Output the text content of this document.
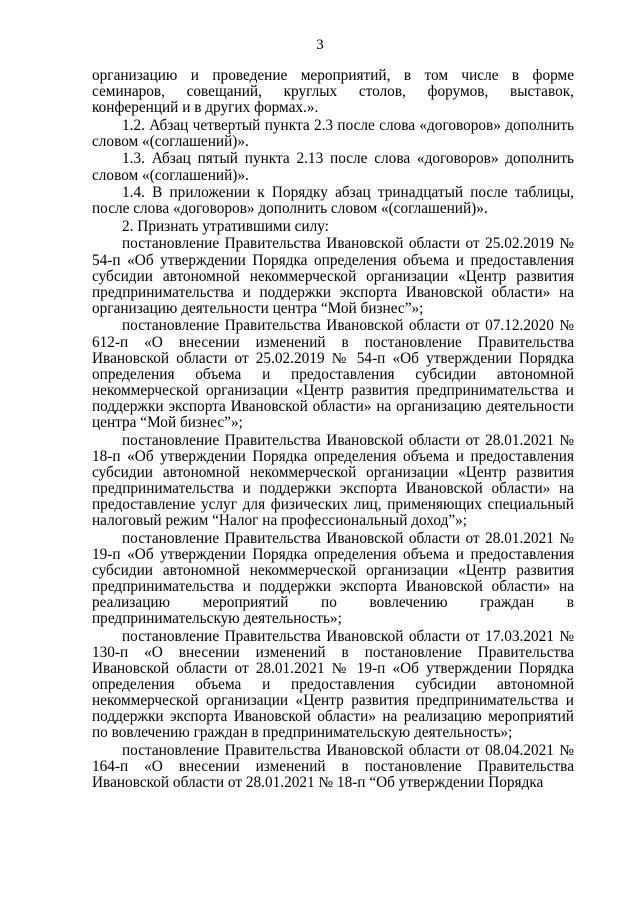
3

организацию и проведение мероприятий, в том числе в форме семинаров, совещаний, круглых столов, форумов, выставок, конференций и в других формах.».

1.2. Абзац четвертый пункта 2.3 после слова «договоров» дополнить словом «(соглашений)».

1.3. Абзац пятый пункта 2.13 после слова «договоров» дополнить словом «(соглашений)».

1.4. В приложении к Порядку абзац тринадцатый после таблицы, после слова «договоров» дополнить словом «(соглашений)».

2. Признать утратившими силу:

постановление Правительства Ивановской области от 25.02.2019 № 54-п «Об утверждении Порядка определения объема и предоставления субсидии автономной некоммерческой организации «Центр развития предпринимательства и поддержки экспорта Ивановской области» на организацию деятельности центра “Мой бизнес”»;

постановление Правительства Ивановской области от 07.12.2020 № 612-п «О внесении изменений в постановление Правительства Ивановской области от 25.02.2019 № 54-п «Об утверждении Порядка определения объема и предоставления субсидии автономной некоммерческой организации «Центр развития предпринимательства и поддержки экспорта Ивановской области» на организацию деятельности центра “Мой бизнес”»;

постановление Правительства Ивановской области от 28.01.2021 № 18-п «Об утверждении Порядка определения объема и предоставления субсидии автономной некоммерческой организации «Центр развития предпринимательства и поддержки экспорта Ивановской области» на предоставление услуг для физических лиц, применяющих специальный налоговый режим “Налог на профессиональный доход”»;

постановление Правительства Ивановской области от 28.01.2021 № 19-п «Об утверждении Порядка определения объема и предоставления субсидии автономной некоммерческой организации «Центр развития предпринимательства и поддержки экспорта Ивановской области» на реализацию мероприятий по вовлечению граждан в предпринимательскую деятельность»;

постановление Правительства Ивановской области от 17.03.2021 № 130-п «О внесении изменений в постановление Правительства Ивановской области от 28.01.2021 № 19-п «Об утверждении Порядка определения объема и предоставления субсидии автономной некоммерческой организации «Центр развития предпринимательства и поддержки экспорта Ивановской области» на реализацию мероприятий по вовлечению граждан в предпринимательскую деятельность»;

постановление Правительства Ивановской области от 08.04.2021 № 164-п «О внесении изменений в постановление Правительства Ивановской области от 28.01.2021 № 18-п “Об утверждении Порядка
